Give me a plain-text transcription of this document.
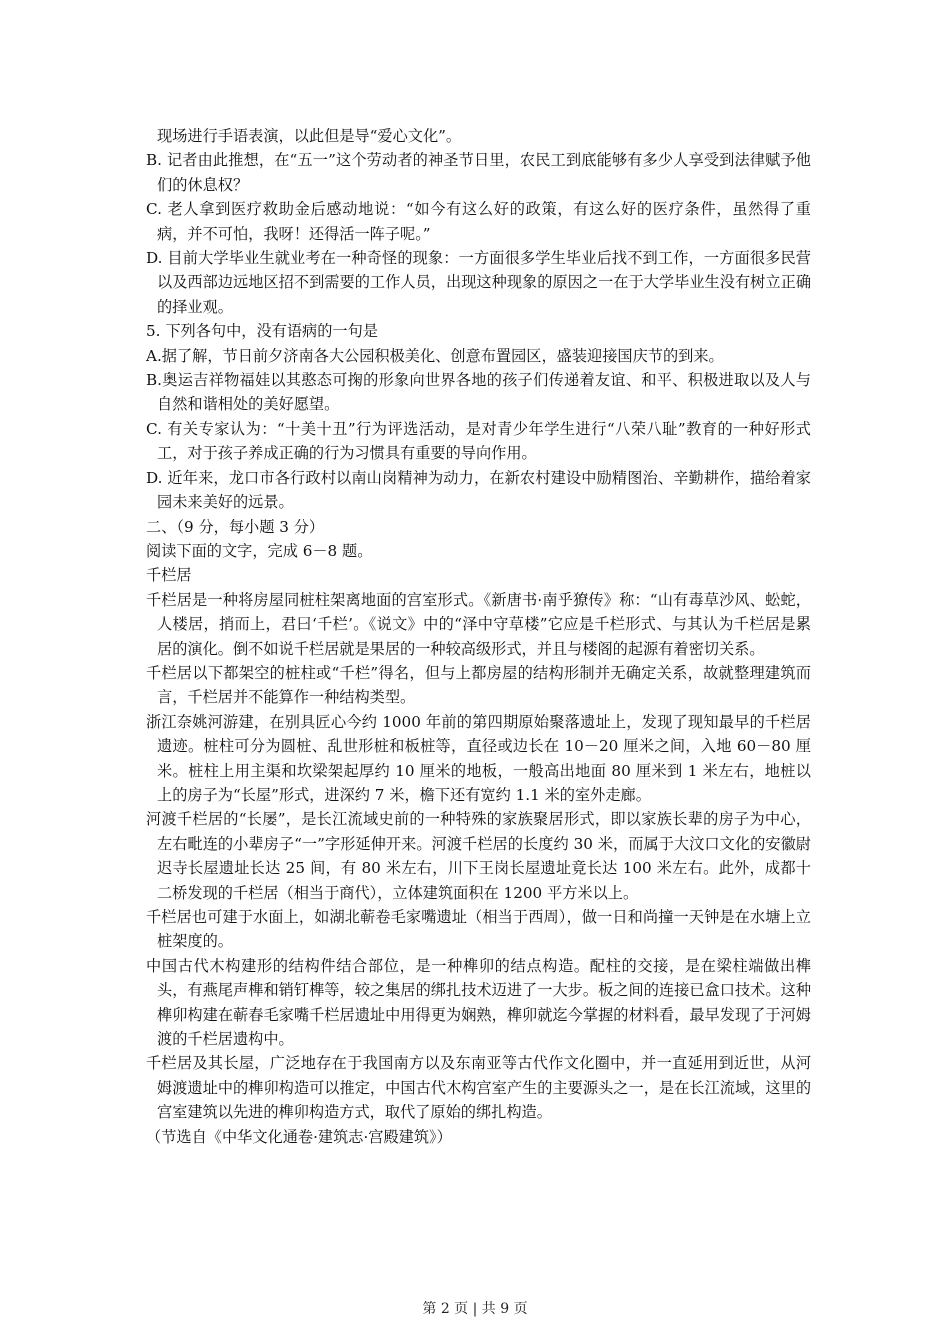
现场进行手语表演，以此但是导“爱心文化”。

B. 记者由此推想，在“五一”这个劳动者的神圣节日里，农民工到底能够有多少人享受到法律赋予他们的休息权？

C. 老人拿到医疗救助金后感动地说：“如今有这么好的政策，有这么好的医疗条件，虽然得了重病，并不可怕，我呀！还得活一阵子呢。”

D. 目前大学毕业生就业考在一种奇怪的现象：一方面很多学生毕业后找不到工作，一方面很多民营以及西部边远地区招不到需要的工作人员，出现这种现象的原因之一在于大学毕业生没有树立正确的择业观。

5. 下列各句中，没有语病的一句是

A.据了解，节日前夕济南各大公园积极美化、创意布置园区，盛装迎接国庆节的到来。

B.奥运吉祥物福娃以其憨态可掬的形象向世界各地的孩子们传递着友谊、和平、积极进取以及人与自然和谐相处的美好愿望。

C. 有关专家认为：“十美十丑”行为评选活动，是对青少年学生进行“八荣八耻”教育的一种好形式工，对于孩子养成正确的行为习惯具有重要的导向作用。

D. 近年来，龙口市各行政村以南山岗精神为动力，在新农村建设中励精图治、辛勤耕作，描给着家园未来美好的远景。

二、（9 分，每小题 3 分）

阅读下面的文字，完成 6－8 题。

千栏居

千栏居是一种将房屋同桩柱架离地面的宫室形式。《新唐书·南乎獠传》称：“山有毒草沙风、蚣蛇，人楼居，捎而上，君曰‘千栏’。《说文》中的“泽中守草楼”它应是千栏形式、与其认为千栏居是累居的演化。倒不如说千栏居就是果居的一种较高级形式，并且与楼阁的起源有着密切关系。

千栏居以下都架空的桩柱或“千栏”得名，但与上都房屋的结构形制并无确定关系，故就整理建筑而言，千栏居并不能算作一种结构类型。

浙江奈姚河游建，在别具匠心今约 1000 年前的第四期原始聚落遗址上，发现了现知最早的千栏居遗迹。桩柱可分为圆桩、乱世形桩和板桩等，直径或边长在 10－20 厘米之间，入地 60－80 厘米。桩柱上用主渠和坎梁架起厚约 10 厘米的地板，一般高出地面 80 厘米到 1 米左右，地桩以上的房子为“长屋”形式，进深约 7 米，檐下还有宽约 1.1 米的室外走廊。

河渡千栏居的“长屡”，是长江流域史前的一种特殊的家族聚居形式，即以家族长辈的房子为中心，左右毗连的小辈房子“一”字形延伸开来。河渡千栏居的长度约 30 米，而属于大汶口文化的安徽尉迟寺长屋遗址长达 25 间，有 80 米左右，川下王岗长屋遗址竟长达 100 米左右。此外，成都十二桥发现的千栏居（相当于商代），立体建筑面积在 1200 平方米以上。

千栏居也可建于水面上，如湖北蕲卷毛家嘴遗址（相当于西周），做一日和尚撞一天钟是在水塘上立桩架度的。

中国古代木构建形的结构件结合部位，是一种榫卯的结点构造。配柱的交接，是在梁柱端做出榫头，有燕尾声榫和销钉榫等，较之集居的绑扎技术迈进了一大步。板之间的连接已盒口技术。这种榫卯构建在蕲春毛家嘴千栏居遗址中用得更为娴熟，榫卯就迄今掌握的材料看，最早发现了于河姆渡的千栏居遗构中。

千栏居及其长屋，广泛地存在于我国南方以及东南亚等古代作文化圈中，并一直延用到近世，从河姆渡遗址中的榫卯构造可以推定，中国古代木构宫室产生的主要源头之一，是在长江流域，这里的宫室建筑以先进的榫卯构造方式，取代了原始的绑扎构造。

（节选自《中华文化通卷·建筑志·宫殿建筑》）

第 2 页 | 共 9 页
